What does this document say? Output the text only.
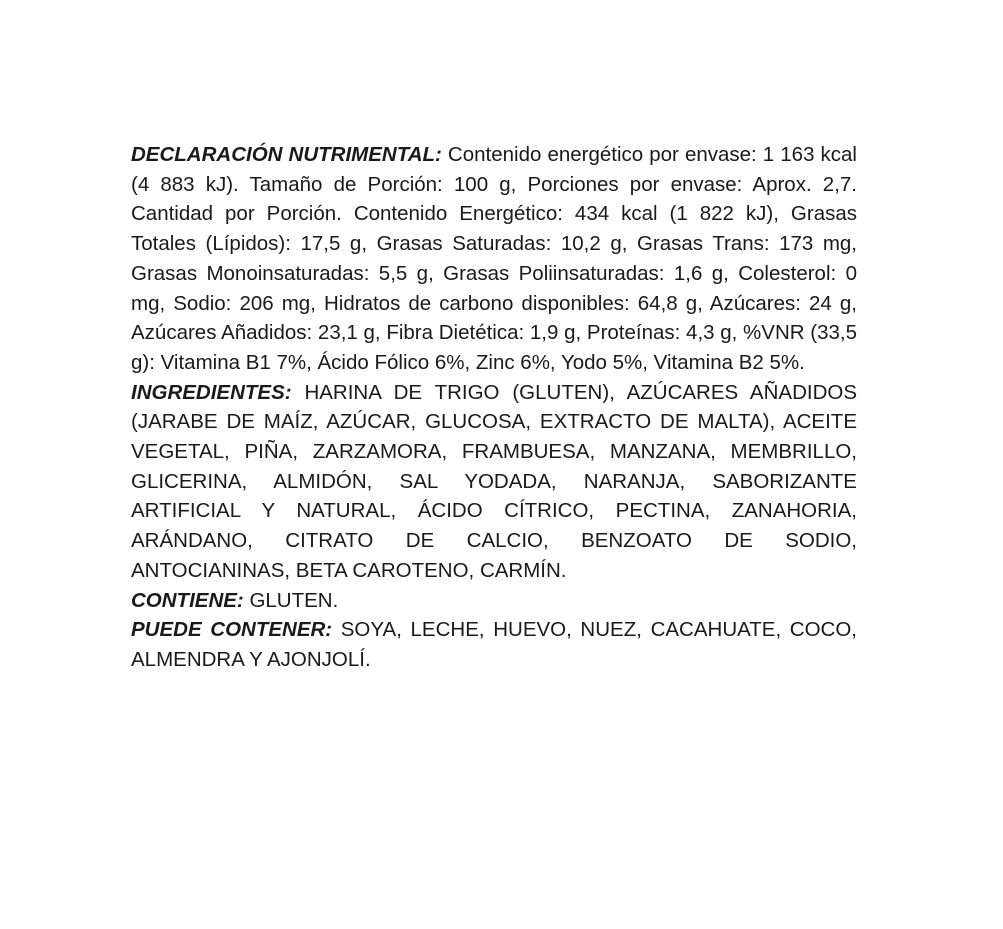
DECLARACIÓN NUTRIMENTAL: Contenido energético por envase: 1 163 kcal (4 883 kJ). Tamaño de Porción: 100 g, Porciones por envase: Aprox. 2,7. Cantidad por Porción. Contenido Energético: 434 kcal (1 822 kJ), Grasas Totales (Lípidos): 17,5 g, Grasas Saturadas: 10,2 g, Grasas Trans: 173 mg, Grasas Monoinsaturadas: 5,5 g, Grasas Poliinsaturadas: 1,6 g, Colesterol: 0 mg, Sodio: 206 mg, Hidratos de carbono disponibles: 64,8 g, Azúcares: 24 g, Azúcares Añadidos: 23,1 g, Fibra Dietética: 1,9 g, Proteínas: 4,3 g, %VNR (33,5 g): Vitamina B1 7%, Ácido Fólico 6%, Zinc 6%, Yodo 5%, Vitamina B2 5%.

INGREDIENTES: HARINA DE TRIGO (GLUTEN), AZÚCARES AÑADIDOS (JARABE DE MAÍZ, AZÚCAR, GLUCOSA, EXTRACTO DE MALTA), ACEITE VEGETAL, PIÑA, ZARZAMORA, FRAMBUESA, MANZANA, MEMBRILLO, GLICERINA, ALMIDÓN, SAL YODADA, NARANJA, SABORIZANTE ARTIFICIAL Y NATURAL, ÁCIDO CÍTRICO, PECTINA, ZANAHORIA, ARÁNDANO, CITRATO DE CALCIO, BENZOATO DE SODIO, ANTOCIANINAS, BETA CAROTENO, CARMÍN.

CONTIENE: GLUTEN.

PUEDE CONTENER: SOYA, LECHE, HUEVO, NUEZ, CACAHUATE, COCO, ALMENDRA Y AJONJOLÍ.
